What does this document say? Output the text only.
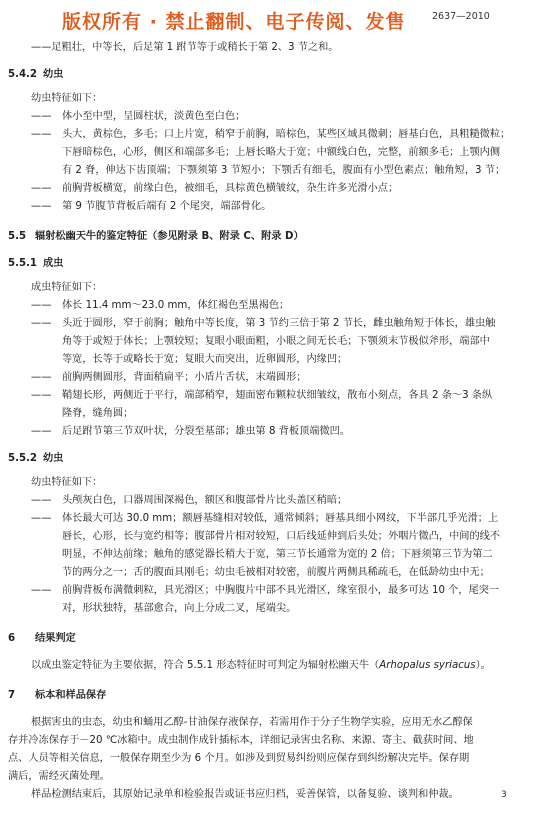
版权所有 · 禁止翻制、电子传阅、发售	2637—2010
——足粗壮，中等长，后足第 1 跗节等于或稍长于第 2、3 节之和。
5.4.2 幼虫
幼虫特征如下：
—— 体小至中型，呈圆柱状，淡黄色至白色；
—— 头大，黄棕色，多毛；口上片宽，稍窄于前胸，暗棕色，某些区域具微刺；唇基白色，具粗糙微粒；
下唇暗棕色，心形，侧区和端部多毛；上唇长略大于宽；中额线白色，完整，前额多毛；上颚内侧
有 2 脊，伸达下齿顶端；下颚须第 3 节短小；下颚舌有细毛，腹面有小型色素点；触角短，3 节；
—— 前胸背板横宽，前缘白色，被细毛，具棕黄色横皱纹，杂生许多光滑小点；
—— 第 9 节腹节背板后端有 2 个尾突，端部骨化。
5.5 辐射松幽天牛的鉴定特征（参见附录 B、附录 C、附录 D）
5.5.1 成虫
成虫特征如下：
—— 体长 11.4 mm～23.0 mm，体红褐色至黑褐色；
—— 头近于圆形，窄于前胸；触角中等长度，第 3 节约三倍于第 2 节长，雌虫触角短于体长，雄虫触
角等于或短于体长；上颚较短；复眼小眼面粗，小眼之间无长毛；下颚须末节极似斧形，端部中
等宽，长等于或略长于宽；复眼大而突出，近卵圆形，内缘凹；
—— 前胸两侧圆形，背面稍扁平；小盾片舌状，末端圆形；
—— 鞘翅长形，两侧近于平行，端部稍窄，翅面密布颗粒状细皱纹，散布小刻点，各具 2 条～3 条纵
隆脊，缝角圆；
—— 后足跗节第三节双叶状，分裂至基部；雄虫第 8 背板顶端微凹。
5.5.2 幼虫
幼虫特征如下：
—— 头颅灰白色，口器周围深褐色，额区和腹部骨片比头盖区稍暗；
—— 体长最大可达 30.0 mm；额唇基缝相对较低，通常倾斜；唇基具细小网纹，下半部几乎光滑；上
唇长，心形，长与宽约相等；腹部骨片相对较短，口后线延伸到后头处；外咽片微凸，中间的线不
明显，不伸达前缘；触角的感觉器长稍大于宽，第三节长通常为宽的 2 倍；下唇须第三节为第二
节的两分之一；舌的腹面具刚毛；幼虫毛被相对较密，前腹片两侧具稀疏毛，在低龄幼虫中无；
—— 前胸背板布满微刺粒，具光滑区；中胸腹片中部不具光滑区，缘室很小，最多可达 10 个，尾突一
对，形状独特，基部愈合，向上分成二叉，尾端尖。
6 结果判定
以成虫鉴定特征为主要依据，符合 5.5.1 形态特征时可判定为辐射松幽天牛（Arhopalus syriacus）。
7 标本和样品保存
根据害虫的虫态，幼虫和蛹用乙醇-甘油保存液保存，若需用作于分子生物学实验，应用无水乙醇保
存并冷冻保存于－20 ℃冰箱中。成虫制作成针插标本，详细记录害虫名称、来源、寄主、截获时间、地
点、人员等相关信息，一般保存期至少为 6 个月。如涉及到贸易纠纷则应保存到纠纷解决完毕。保存期
满后，需经灭菌处理。
样品检测结束后，其原始记录单和检验报告或证书应归档，妥善保管，以备复验、谈判和仲裁。	3
